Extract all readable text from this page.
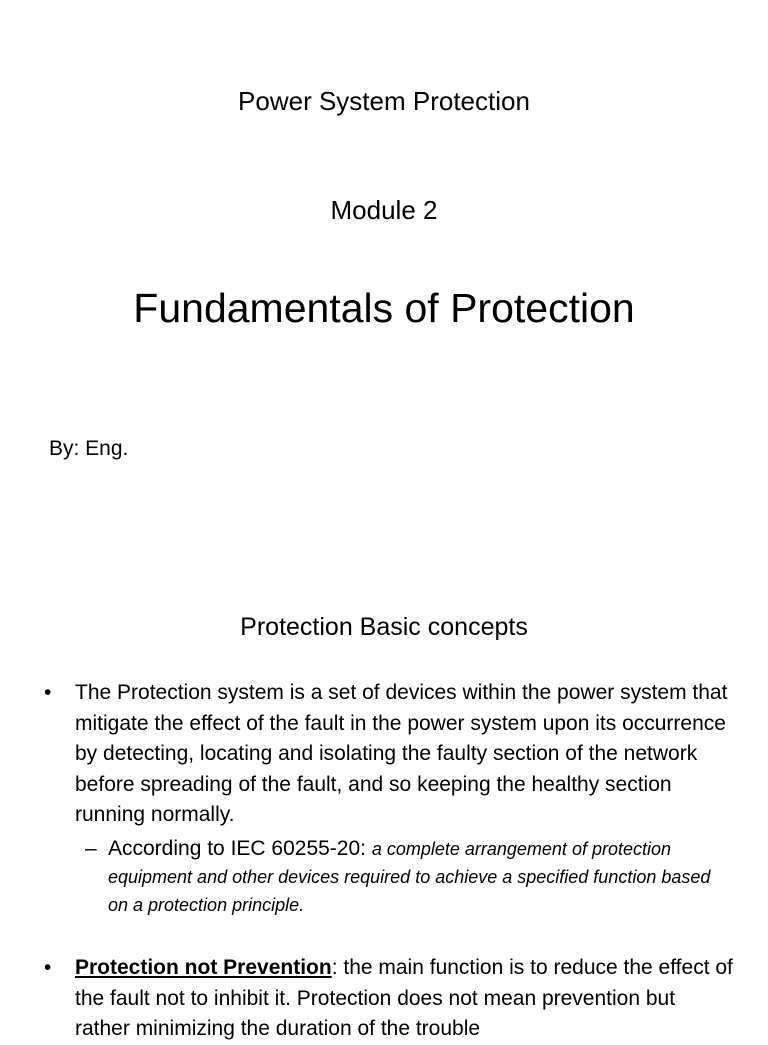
Power System Protection
Module 2
Fundamentals of Protection
By: Eng.
Protection Basic concepts
•	The Protection system is a set of devices within the power system that mitigate the effect of the fault in the power system upon its occurrence by detecting, locating and isolating the faulty section of the network before spreading of the fault, and so keeping the healthy section running normally.
– According to IEC 60255-20: a complete arrangement of protection equipment and other devices required to achieve a specified function based on a protection principle.
•	Protection not Prevention: the main function is to reduce the effect of the fault not to inhibit it. Protection does not mean prevention but rather minimizing the duration of the trouble
